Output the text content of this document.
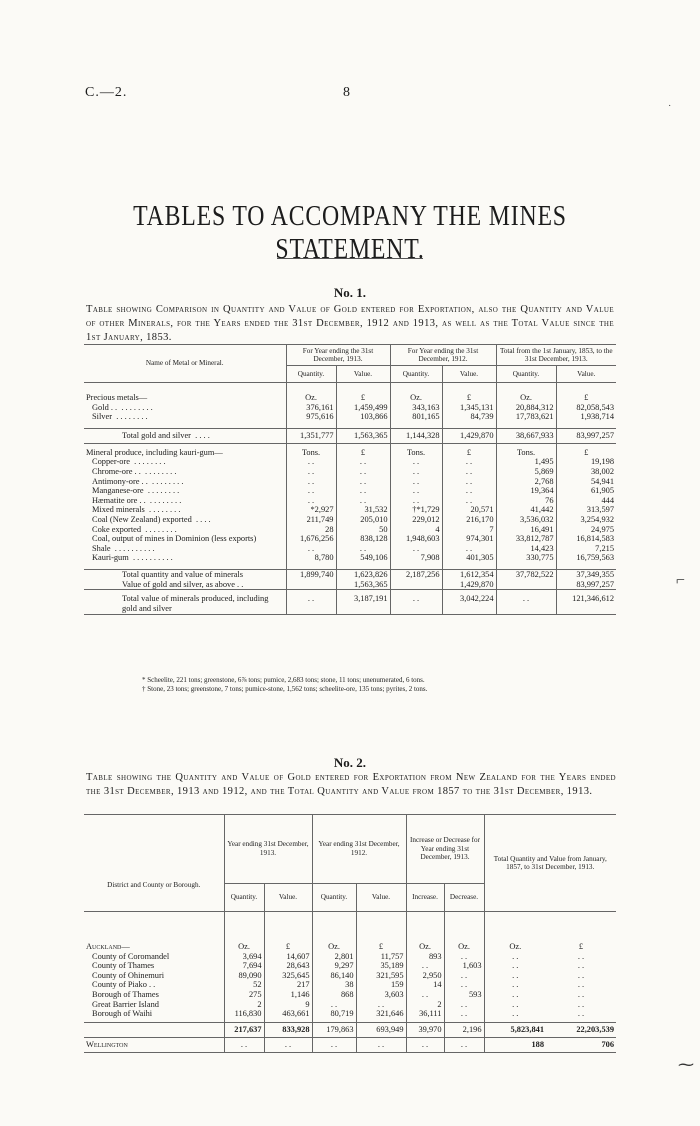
C.—2.	8
˙
TABLES TO ACCOMPANY THE MINES STATEMENT.
No. 1.
Table showing Comparison in Quantity and Value of Gold entered for Exportation, also the Quantity and Value of other Minerals, for the Years ended the 31st December, 1912 and 1913, as well as the Total Value since the 1st January, 1853.
Name of Metal or Mineral.	For Year ending the 31st December, 1913.		For Year ending the 31st December, 1912.		Total from the 1st January, 1853, to the 31st December, 1913.	
	Quantity.	Value.	Quantity.	Value.	Quantity.	Value.

Precious metals—	Oz.	£	Oz.	£	Oz.	£
Gold . . . . . . . . . .	376,161	1,459,499	343,163	1,345,131	20,884,312	82,058,543
Silver . . . . . . . .	975,616	103,866	801,165	84,739	17,783,621	1,938,714

Total gold and silver . . . .	1,351,777	1,563,365	1,144,328	1,429,870	38,667,933	83,997,257

Mineral produce, including kauri-gum—	Tons.	£	Tons.	£	Tons.	£
Copper-ore . . . . . . . .	. .	. .	. .	. .	1,495	19,198
Chrome-ore . . . . . . . . . .	. .	. .	. .	. .	5,869	38,002
Antimony-ore . . . . . . . . . .	. .	. .	. .	. .	2,768	54,941
Manganese-ore . . . . . . . .	. .	. .	. .	. .	19,364	61,905
Hæmatite ore . . . . . . . . . .	. .	. .	. .	. .	76	444
Mixed minerals . . . . . . . .	*2,927	31,532	†*1,729	20,571	41,442	313,597
Coal (New Zealand) exported . . . .	211,749	205,010	229,012	216,170	3,536,032	3,254,932
Coke exported . . . . . . . .	28	50	4	7	16,491	24,975
Coal, output of mines in Dominion (less exports)	1,676,256	838,128	1,948,603	974,301	33,812,787	16,814,583
Shale . . . . . . . . . .	. .	. .	. .	. .	14,423	7,215
Kauri-gum . . . . . . . . . .	8,780	549,106	7,908	401,305	330,775	16,759,563

Total quantity and value of minerals	1,899,740	1,623,826	2,187,256	1,612,354	37,782,522	37,349,355
Value of gold and silver, as above . .		1,563,365		1,429,870		83,997,257

Total value of minerals produced, including gold and silver	. .	3,187,191	. .	3,042,224	. .	121,346,612
* Scheelite, 221 tons; greenstone, 6⅞ tons; pumice, 2,683 tons; stone, 11 tons; unenumerated, 6 tons.
† Stone, 23 tons; greenstone, 7 tons; pumice-stone, 1,562 tons; scheelite-ore, 135 tons; pyrites, 2 tons.
⌐
No. 2.
Table showing the Quantity and Value of Gold entered for Exportation from New Zealand for the Years ended the 31st December, 1913 and 1912, and the Total Quantity and Value from 1857 to the 31st December, 1913.
District and County or Borough.	Year ending 31st December, 1913.		Year ending 31st December, 1912.		Increase or Decrease for Year ending 31st December, 1913.		Total Quantity and Value from January, 1857, to 31st December, 1913.	
	Quantity.	Value.	Quantity.	Value.	Increase.	Decrease.		

Auckland—	Oz.	£	Oz.	£	Oz.	Oz.	Oz.	£
County of Coromandel	3,694	14,607	2,801	11,757	893	. .	. .	. .
County of Thames	7,694	28,643	9,297	35,189	. .	1,603	. .	. .
County of Ohinemuri	89,090	325,645	86,140	321,595	2,950	. .	. .	. .
County of Piako . .	52	217	38	159	14	. .	. .	. .
Borough of Thames	275	1,146	868	3,603	. .	593	. .	. .
Great Barrier Island	2	9	. .	. .	2	. .	. .	. .
Borough of Waihi	116,830	463,661	80,719	321,646	36,111	. .	. .	. .

	217,637	833,928	179,863	693,949	39,970	2,196	5,823,841	22,203,539
Wellington	. .	. .	. .	. .	. .	. .	188	706
⁓
